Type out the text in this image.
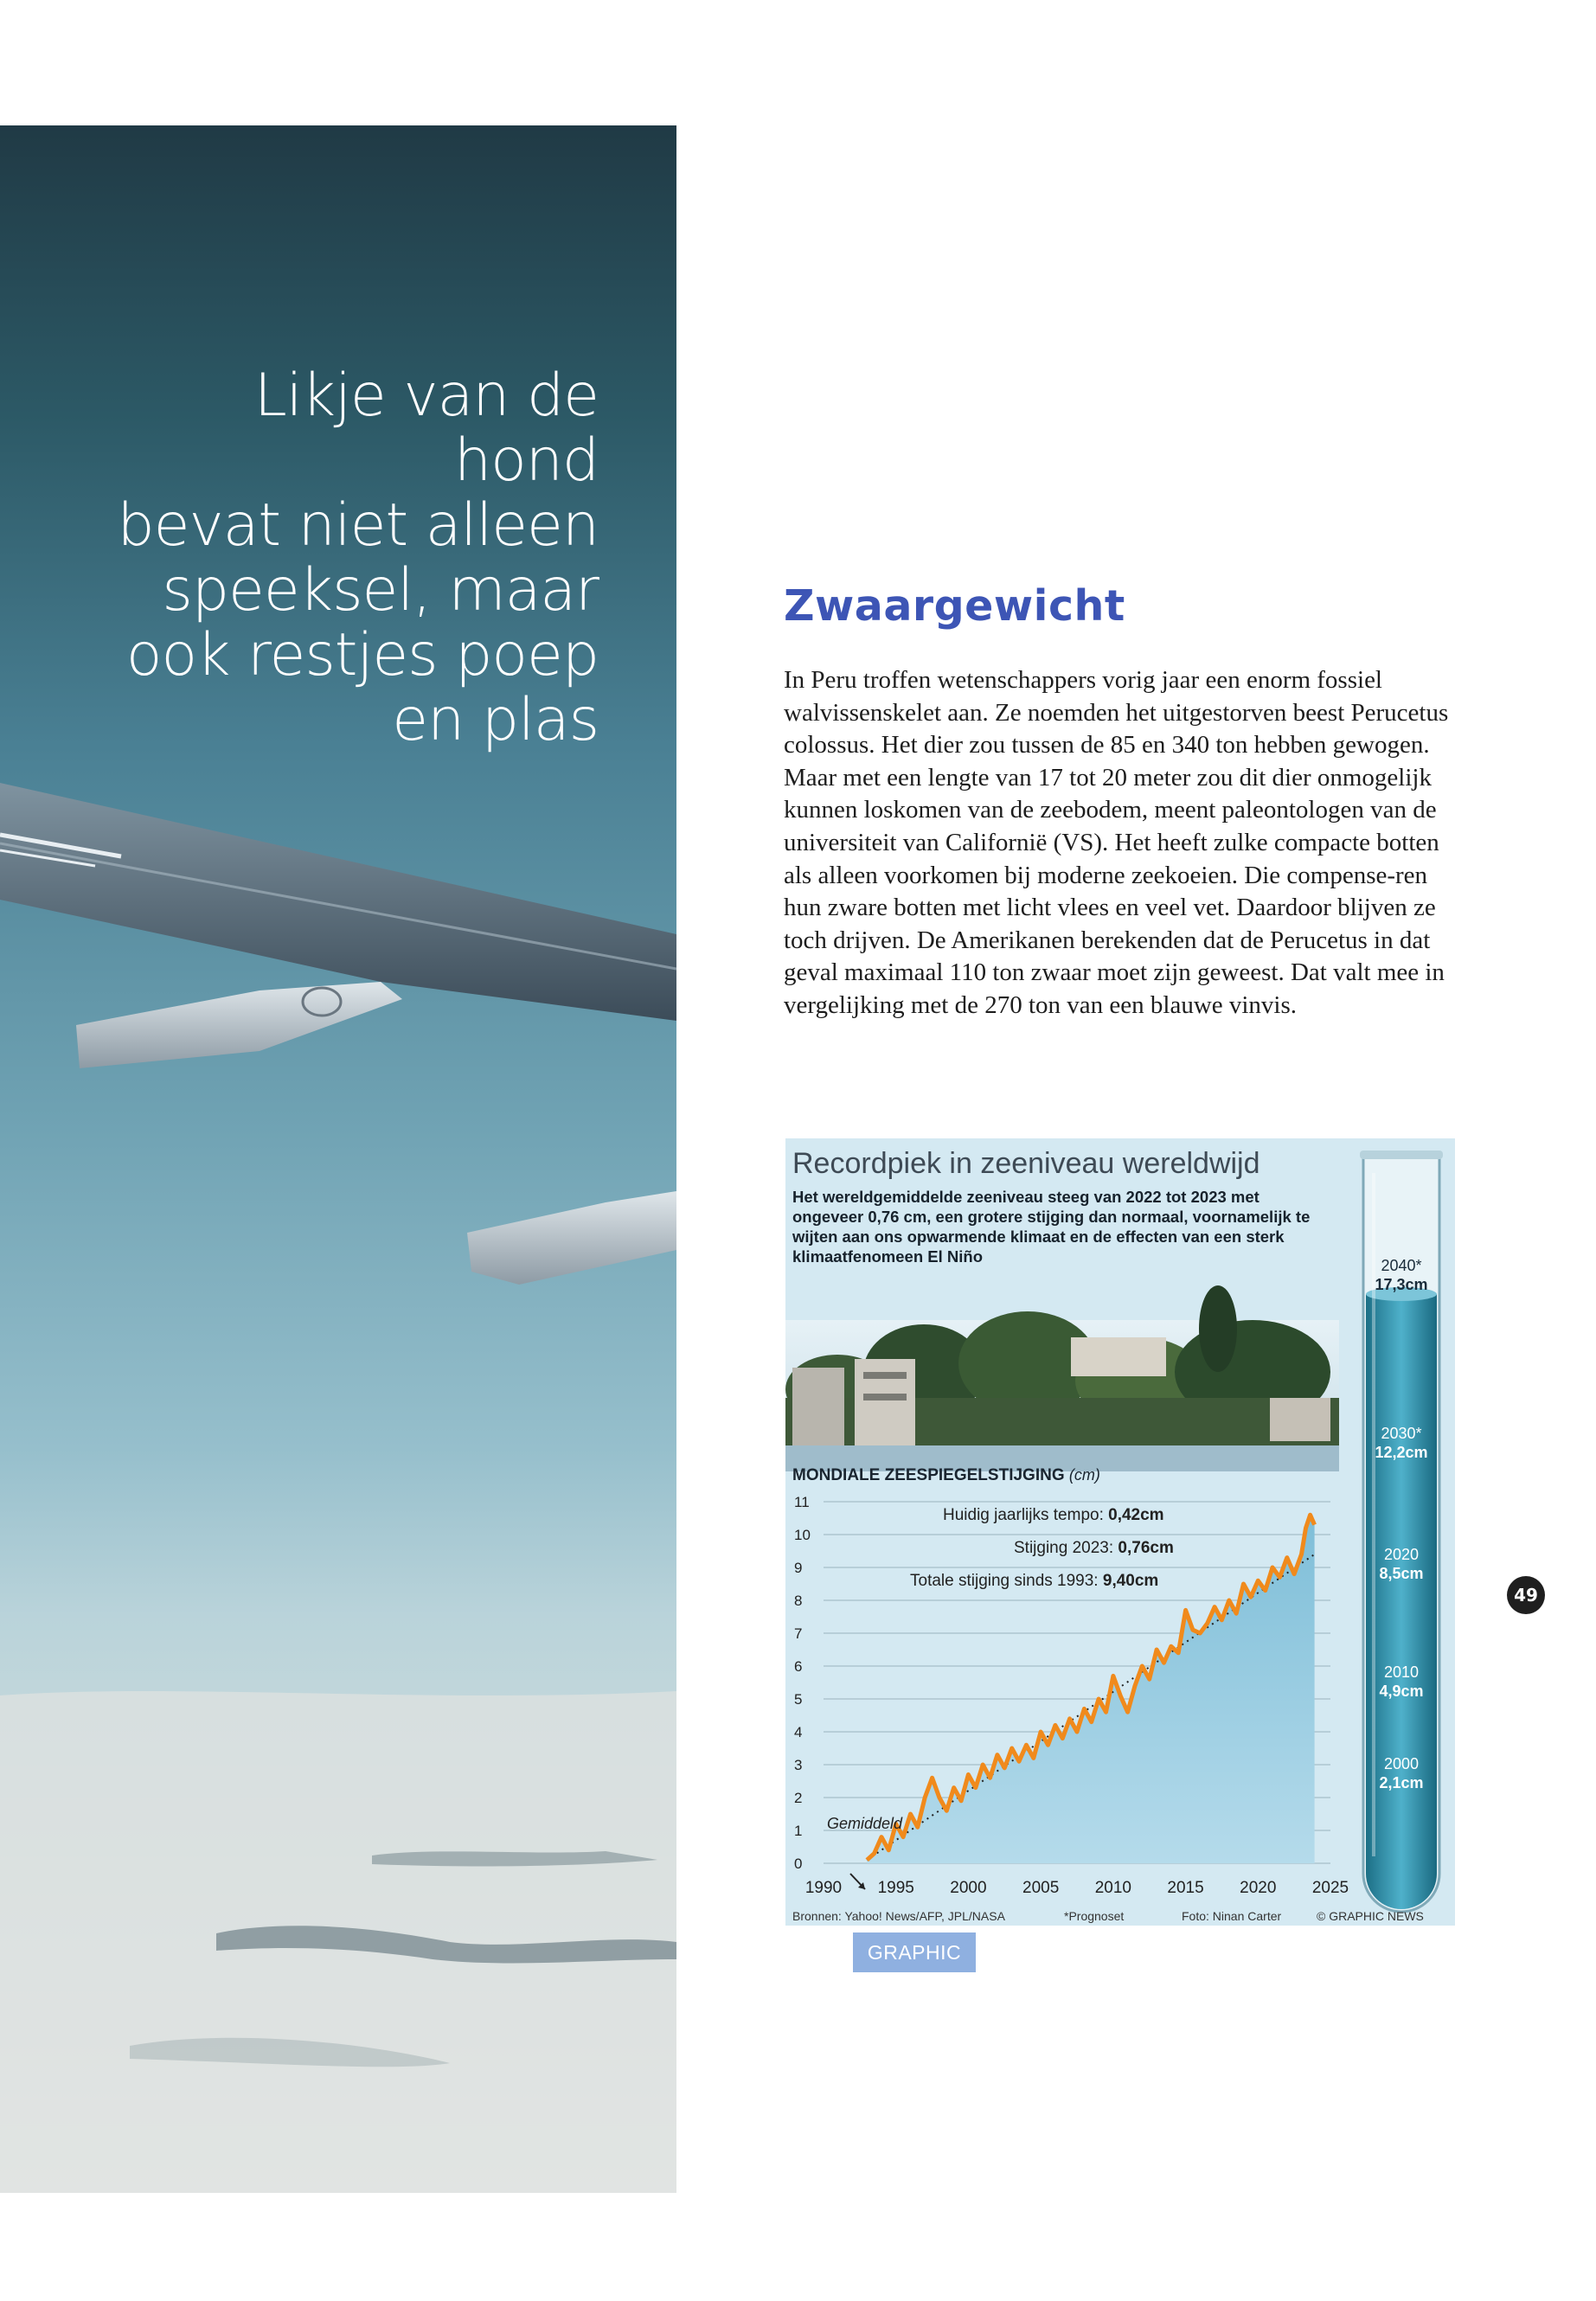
Likje van de hond
bevat niet alleen
speeksel, maar
ook restjes poep
en plas
Zwaargewicht

In Peru troffen wetenschappers vorig jaar een enorm fossiel walvissenskelet aan. Ze noemden het uitgestorven beest Perucetus colossus. Het dier zou tussen de 85 en 340 ton hebben gewogen. Maar met een lengte van 17 tot 20 meter zou dit dier onmogelijk kunnen loskomen van de zeebodem, meent paleontologen van de universiteit van Californië (VS). Het heeft zulke compacte botten als alleen voorkomen bij moderne zeekoeien. Die compense-ren hun zware botten met licht vlees en veel vet. Daardoor blijven ze toch drijven. De Amerikanen berekenden dat de Perucetus in dat geval maximaal 110 ton zwaar moet zijn geweest. Dat valt mee in vergelijking met de 270 ton van een blauwe vinvis.

0
1
2
3
4
5
6
7
8
9
10
11
1990 1995 2000 2005 2010 2015 2020 2025
Recordpiek in zeeniveau wereldwijd

Het wereldgemiddelde zeeniveau steeg van 2022 tot 2023 met ongeveer 0,76 cm, een grotere stijging dan normaal, voornamelijk te wijten aan ons opwarmende klimaat en de effecten van een sterk klimaatfenomeen El Niño

MONDIALE ZEESPIEGELSTIJGING (cm)

Huidig jaarlijks tempo: 0,42cm
Stijging 2023: 0,76cm
Totale stijging sinds 1993: 9,40cm
Gemiddeld
2040*
17,3cm
2030*
12,2cm
2020
8,5cm
2010
4,9cm
2000
2,1cm
Bronnen: Yahoo! News/AFP, JPL/NASA	*Prognoset	Foto: Ninan Carter	© GRAPHIC NEWS
GRAPHIC
49
